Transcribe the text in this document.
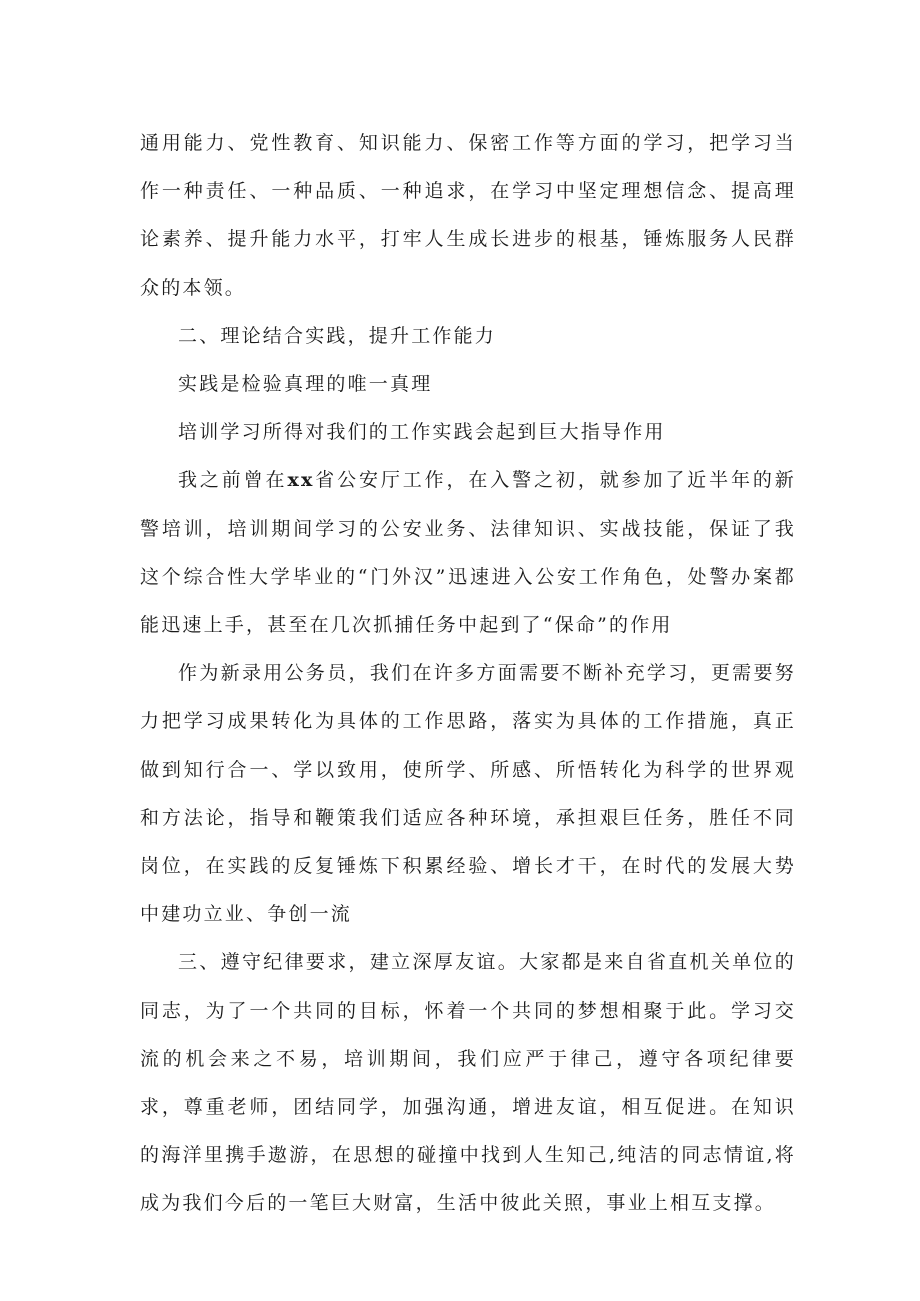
通用能力、党性教育、知识能力、保密工作等方面的学习，把学习当作一种责任、一种品质、一种追求，在学习中坚定理想信念、提高理论素养、提升能力水平，打牢人生成长进步的根基，锤炼服务人民群众的本领。

二、理论结合实践，提升工作能力

实践是检验真理的唯一真理

培训学习所得对我们的工作实践会起到巨大指导作用

我之前曾在xx省公安厅工作，在入警之初，就参加了近半年的新警培训，培训期间学习的公安业务、法律知识、实战技能，保证了我这个综合性大学毕业的“门外汉”迅速进入公安工作角色，处警办案都能迅速上手，甚至在几次抓捕任务中起到了“保命”的作用

作为新录用公务员，我们在许多方面需要不断补充学习，更需要努力把学习成果转化为具体的工作思路，落实为具体的工作措施，真正做到知行合一、学以致用，使所学、所感、所悟转化为科学的世界观和方法论，指导和鞭策我们适应各种环境，承担艰巨任务，胜任不同岗位，在实践的反复锤炼下积累经验、增长才干，在时代的发展大势中建功立业、争创一流

三、遵守纪律要求，建立深厚友谊。大家都是来自省直机关单位的同志，为了一个共同的目标，怀着一个共同的梦想相聚于此。学习交流的机会来之不易，培训期间，我们应严于律己，遵守各项纪律要求，尊重老师，团结同学，加强沟通，增进友谊，相互促进。在知识的海洋里携手遨游，在思想的碰撞中找到人生知己,纯洁的同志情谊,将成为我们今后的一笔巨大财富，生活中彼此关照，事业上相互支撑。
